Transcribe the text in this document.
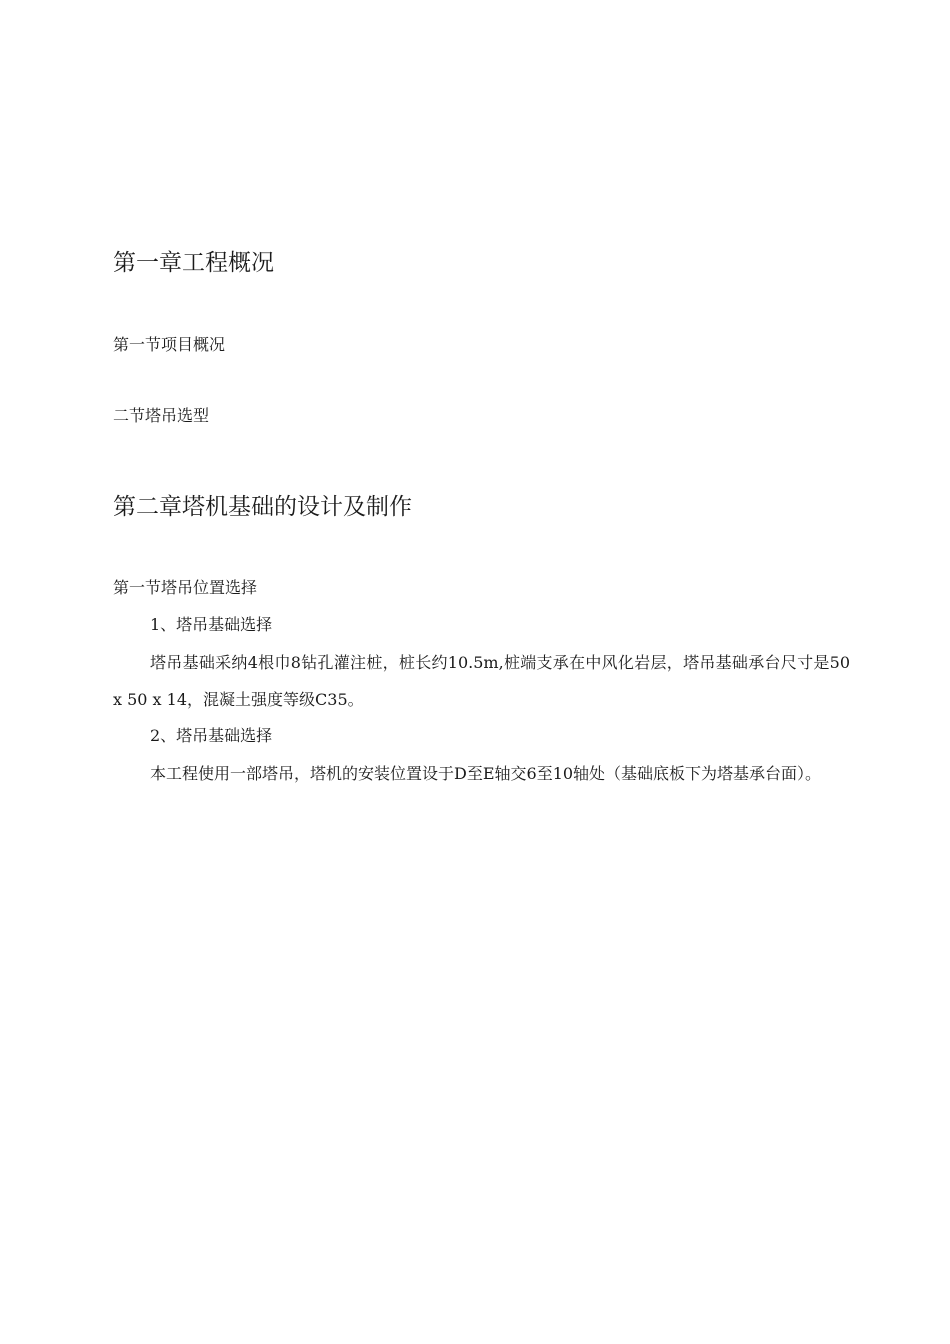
第一章工程概况
第一节项目概况
二节塔吊选型
第二章塔机基础的设计及制作
第一节塔吊位置选择

1、塔吊基础选择

塔吊基础采纳4根巾8钻孔灌注桩，桩长约10.5m,桩端支承在中风化岩层，塔吊基础承台尺寸是50 x 50 x 14，混凝土强度等级C35。

2、塔吊基础选择

本工程使用一部塔吊，塔机的安装位置设于D至E轴交6至10轴处（基础底板下为塔基承台面）。
